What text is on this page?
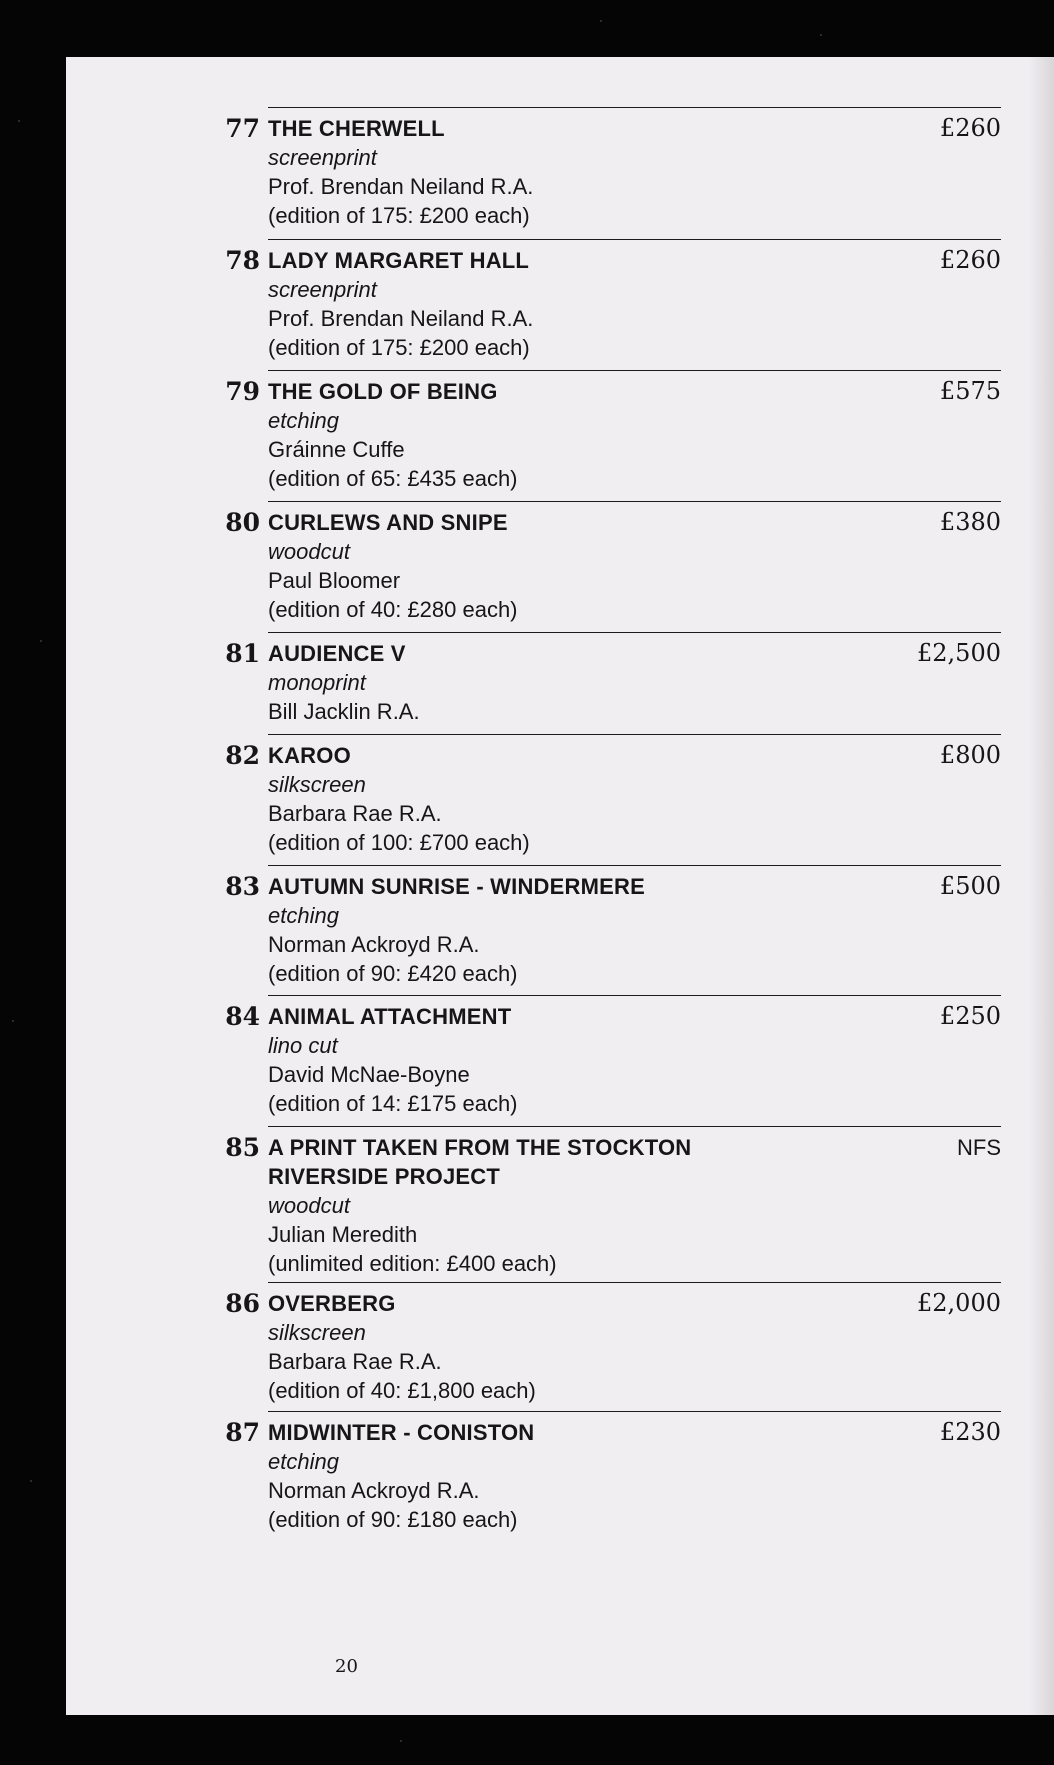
77	£260
THE CHERWELL
screenprint
Prof. Brendan Neiland R.A.
(edition of 175: £200 each)
78	£260
LADY MARGARET HALL
screenprint
Prof. Brendan Neiland R.A.
(edition of 175: £200 each)
79	£575
THE GOLD OF BEING
etching
Gráinne Cuffe
(edition of 65: £435 each)
80	£380
CURLEWS AND SNIPE
woodcut
Paul Bloomer
(edition of 40: £280 each)
81	£2,500
AUDIENCE V
monoprint
Bill Jacklin R.A.
82	£800
KAROO
silkscreen
Barbara Rae R.A.
(edition of 100: £700 each)
83	£500
AUTUMN SUNRISE - WINDERMERE
etching
Norman Ackroyd R.A.
(edition of 90: £420 each)
84	£250
ANIMAL ATTACHMENT
lino cut
David McNae-Boyne
(edition of 14: £175 each)
85	NFS
A PRINT TAKEN FROM THE STOCKTON
RIVERSIDE PROJECT
woodcut
Julian Meredith
(unlimited edition: £400 each)
86	£2,000
OVERBERG
silkscreen
Barbara Rae R.A.
(edition of 40: £1,800 each)
87	£230
MIDWINTER - CONISTON
etching
Norman Ackroyd R.A.
(edition of 90: £180 each)
20
